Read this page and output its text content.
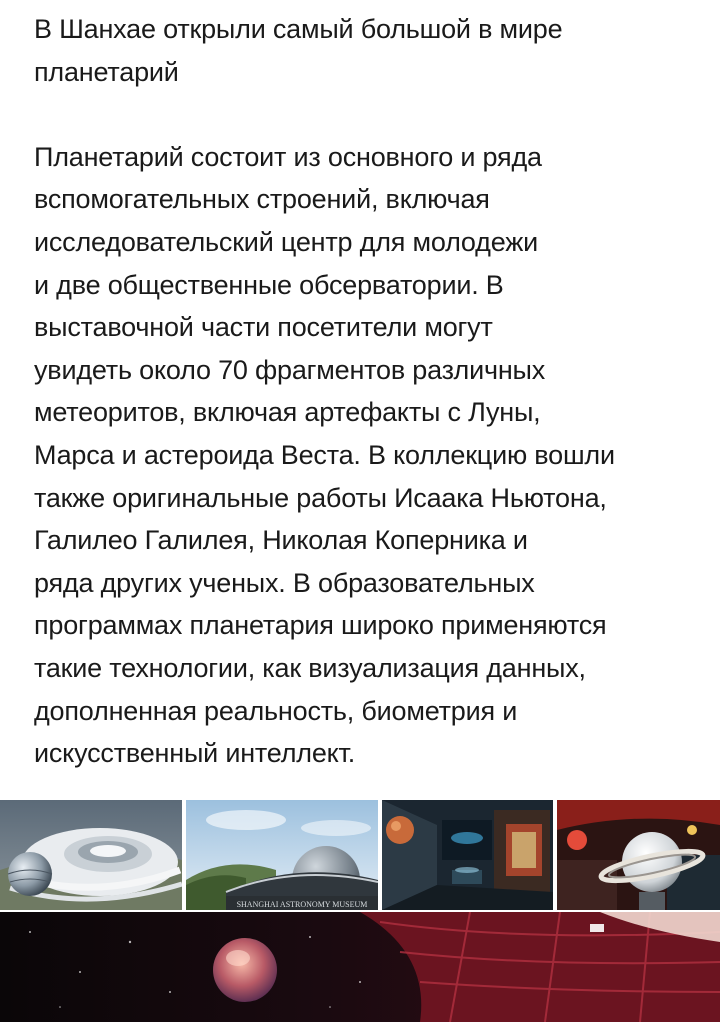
В Шанхае открыли самый большой в мире
планетарий
Планетарий состоит из основного и ряда
вспомогательных строений, включая
исследовательский центр для молодежи
и две общественные обсерватории. В
выставочной части посетители могут
увидеть около 70 фрагментов различных
метеоритов, включая артефакты с Луны,
Марса и астероида Веста. В коллекцию вошли
также оригинальные работы Исаака Ньютона,
Галилео Галилея, Николая Коперника и
ряда других ученых. В образовательных
программах планетария широко применяются
такие технологии, как визуализация данных,
дополненная реальность, биометрия и
искусственный интеллект.
SHANGHAI ASTRONOMY MUSEUM
